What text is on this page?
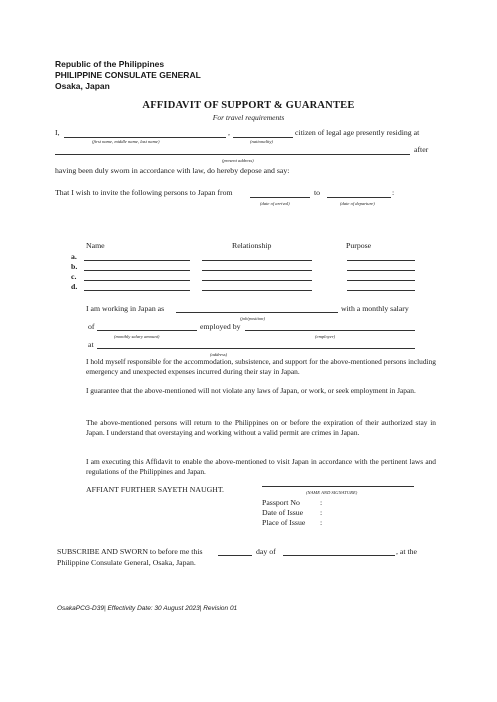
Republic of the Philippines
PHILIPPINE CONSULATE GENERAL
Osaka, Japan
AFFIDAVIT OF SUPPORT & GUARANTEE
For travel requirements
I,	,	citizen of legal age presently residing at
(first name, middle name, last name)	(nationality)
after
(present address)
having been duly sworn in accordance with law, do hereby depose and say:
That I wish to invite the following persons to Japan from	to	:
(date of arrival)	(date of departure)
Name	Relationship	Purpose
a.
b.
c.
d.
I am working in Japan as	with a monthly salary
(job/position)
of	employed by
(monthly salary amount)	(employer)
at
(address)
I hold myself responsible for the accommodation, subsistence, and support for the above-mentioned persons including emergency and unexpected expenses incurred during their stay in Japan.
I guarantee that the above-mentioned will not violate any laws of Japan, or work, or seek employment in Japan.
The above-mentioned persons will return to the Philippines on or before the expiration of their authorized stay in Japan. I understand that overstaying and working without a valid permit are crimes in Japan.
I am executing this Affidavit to enable the above-mentioned to visit Japan in accordance with the pertinent laws and regulations of the Philippines and Japan.
AFFIANT FURTHER SAYETH NAUGHT.	(NAME AND SIGNATURE)
Passport No	:
Date of Issue :
Place of Issue :
SUBSCRIBE AND SWORN to before me this	day of	, at the
Philippine Consulate General, Osaka, Japan.
OsakaPCG-D39| Effectivity Date: 30 August 2023| Revision 01
